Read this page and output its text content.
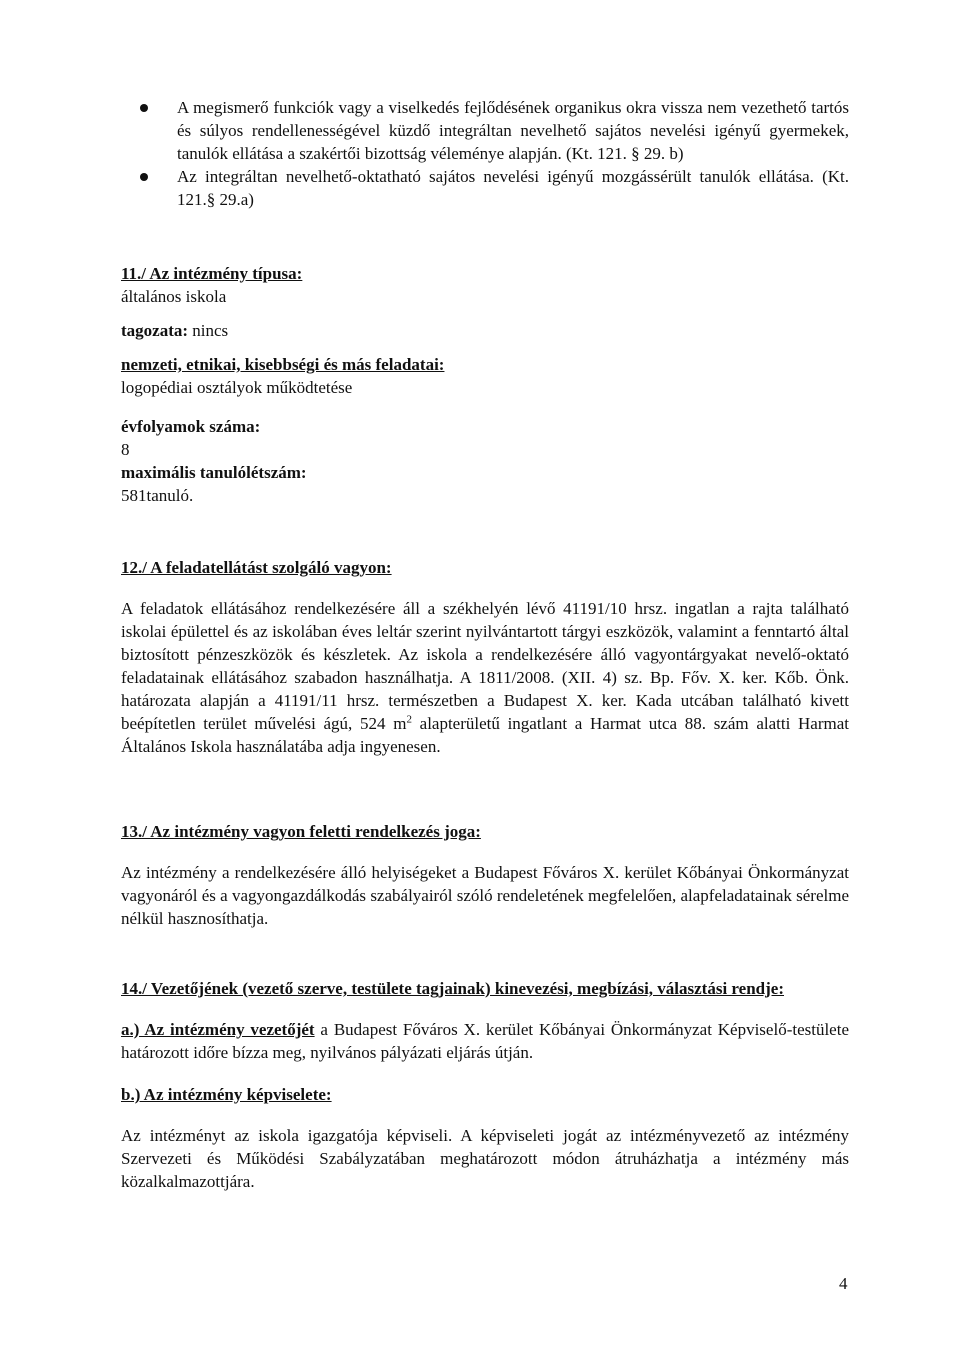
A megismerő funkciók vagy a viselkedés fejlődésének organikus okra vissza nem vezethető tartós és súlyos rendellenességével küzdő integráltan nevelhető sajátos nevelési igényű gyermekek, tanulók ellátása a szakértői bizottság véleménye alapján. (Kt. 121. § 29. b)
Az integráltan nevelhető-oktatható sajátos nevelési igényű mozgássérült tanulók ellátása. (Kt. 121.§ 29.a)
11./ Az intézmény típusa:
általános iskola
tagozata: nincs
nemzeti, etnikai, kisebbségi és más feladatai:
logopédiai osztályok működtetése
évfolyamok száma:
8
maximális tanulólétszám:
581tanuló.
12./ A feladatellátást szolgáló vagyon:
A feladatok ellátásához rendelkezésére áll a székhelyén lévő 41191/10 hrsz. ingatlan a rajta található iskolai épülettel és az iskolában éves leltár szerint nyilvántartott tárgyi eszközök, valamint a fenntartó által biztosított pénzeszközök és készletek. Az iskola a rendelkezésére álló vagyontárgyakat nevelő-oktató feladatainak ellátásához szabadon használhatja. A 1811/2008. (XII. 4) sz. Bp. Főv. X. ker. Kőb. Önk. határozata alapján a 41191/11 hrsz. természetben a Budapest X. ker. Kada utcában található kivett beépítetlen terület művelési ágú, 524 $m^2$ alapterületű ingatlant a Harmat utca 88. szám alatti Harmat Általános Iskola használatába adja ingyenesen.
13./ Az intézmény vagyon feletti rendelkezés joga:
Az intézmény a rendelkezésére álló helyiségeket a Budapest Főváros X. kerület Kőbányai Önkormányzat vagyonáról és a vagyongazdálkodás szabályairól szóló rendeletének megfelelően, alapfeladatainak sérelme nélkül hasznosíthatja.
14./ Vezetőjének (vezető szerve, testülete tagjainak) kinevezési, megbízási, választási rendje:
a.) Az intézmény vezetőjét a Budapest Főváros X. kerület Kőbányai Önkormányzat Képviselő-testülete határozott időre bízza meg, nyilvános pályázati eljárás útján.
b.) Az intézmény képviselete:
Az intézményt az iskola igazgatója képviseli. A képviseleti jogát az intézményvezető az intézmény Szervezeti és Működési Szabályzatában meghatározott módon átruházhatja a intézmény más közalkalmazottjára.
4
